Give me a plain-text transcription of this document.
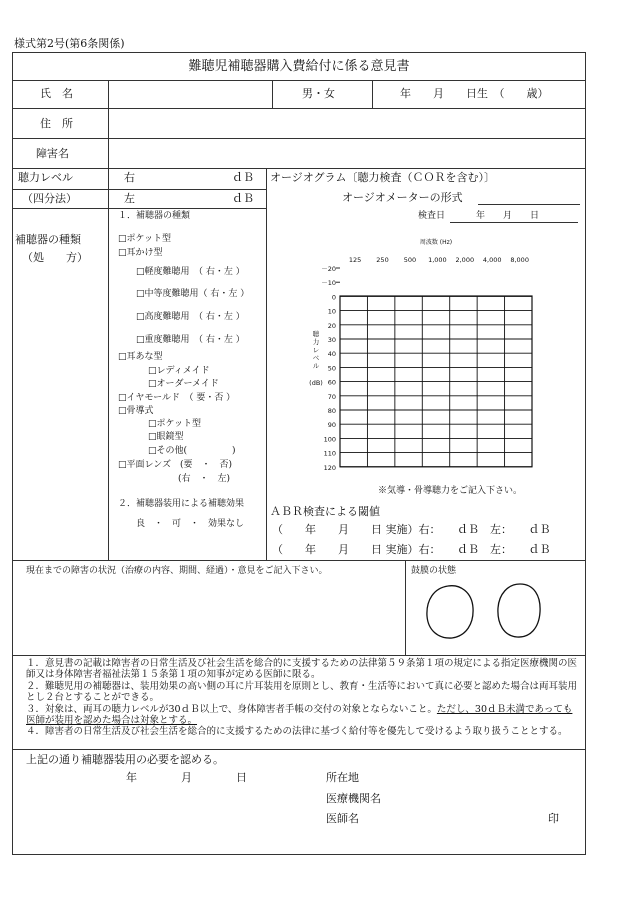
様式第2号(第6条関係)
難聴児補聴器購入費給付に係る意見書
氏　名	男・女	年　　月　　日生　（　　歳）
住　所
障害名
聴力レベル
（四分法）
右	ｄＢ
左	ｄＢ
オージオグラム〔聴力検査（ＣＯＲを含む）〕
オージオメーターの形式
検査日	年　　月　　日
－20
－10
0
10
20
30
40
50
60
70
80
90
100
110
120
125 250 500 1,000 2,000 4,000 8,000
周波数 (Hz)
聴
力
レ
ベ
ル
(dB)
補聴器の種類
（処　　方）
１．補聴器の種類
□ポケット型
□耳かけ型
□軽度難聴用　（ 右・左 ）
□中等度難聴用（ 右・左 ）
□高度難聴用　（ 右・左 ）
□重度難聴用　（ 右・左 ）
□耳あな型
□レディメイド
□オーダーメイド
□イヤモールド　（ 要・否 ）
□骨導式
□ポケット型
□眼鏡型
□その他(　　　　　)
□平面レンズ　(要　・　否)
(右　・　左)
２．補聴器装用による補聴効果
良　・　可　・　効果なし
※気導・骨導聴力をご記入下さい。
ＡＢＲ検査による閾値
（　　年　　月　　日 実施）右：　　ｄＢ　左：　　ｄＢ
（　　年　　月　　日 実施）右：　　ｄＢ　左：　　ｄＢ
現在までの障害の状況（治療の内容、期間、経過）・意見をご記入下さい。	鼓膜の状態
１．意見書の記載は障害者の日常生活及び社会生活を総合的に支援するための法律第５９条第１項の規定による指定医療機関の医師又は身体障害者福祉法第１５条第１項の知事が定める医師に限る。
２．難聴児用の補聴器は、装用効果の高い側の耳に片耳装用を原則とし、教育・生活等において真に必要と認めた場合は両耳装用とし２台とすることができる。
３．対象は、両耳の聴力レベルが30ｄＢ以上で、身体障害者手帳の交付の対象とならないこと。ただし、30ｄＢ未満であっても医師が装用を認めた場合は対象とする。
４．障害者の日常生活及び社会生活を総合的に支援するための法律に基づく給付等を優先して受けるよう取り扱うこととする。
上記の通り補聴器装用の必要を認める。
年　　　　月　　　　日	所在地
医療機関名
医師名	印
